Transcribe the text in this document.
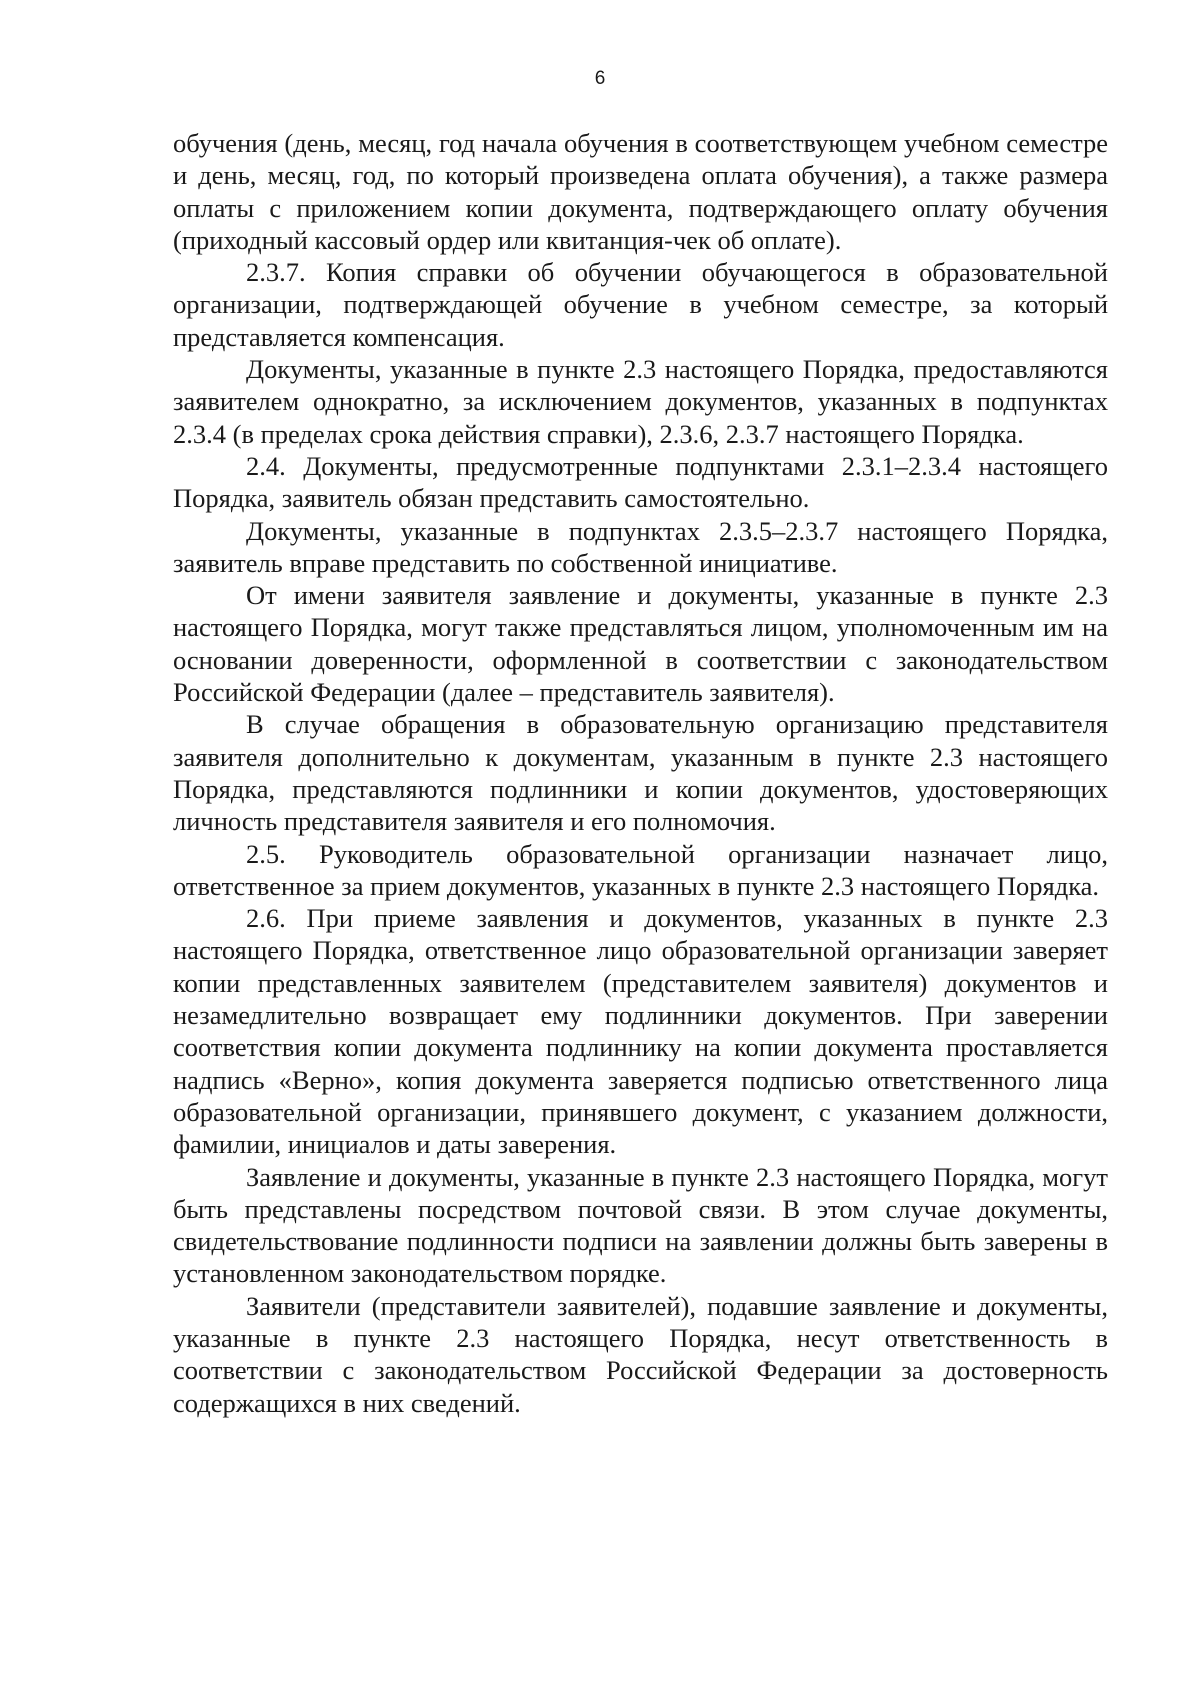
6

обучения (день, месяц, год начала обучения в соответствующем учебном семестре и день, месяц, год, по который произведена оплата обучения), а также размера оплаты с приложением копии документа, подтверждающего оплату обучения (приходный кассовый ордер или квитанция-чек об оплате).

2.3.7. Копия справки об обучении обучающегося в образовательной организации, подтверждающей обучение в учебном семестре, за который представляется компенсация.

Документы, указанные в пункте 2.3 настоящего Порядка, предоставляются заявителем однократно, за исключением документов, указанных в подпунктах 2.3.4 (в пределах срока действия справки), 2.3.6, 2.3.7 настоящего Порядка.

2.4. Документы, предусмотренные подпунктами 2.3.1–2.3.4 настоящего Порядка, заявитель обязан представить самостоятельно.

Документы, указанные в подпунктах 2.3.5–2.3.7 настоящего Порядка, заявитель вправе представить по собственной инициативе.

От имени заявителя заявление и документы, указанные в пункте 2.3 настоящего Порядка, могут также представляться лицом, уполномоченным им на основании доверенности, оформленной в соответствии с законодательством Российской Федерации (далее – представитель заявителя).

В случае обращения в образовательную организацию представителя заявителя дополнительно к документам, указанным в пункте 2.3 настоящего Порядка, представляются подлинники и копии документов, удостоверяющих личность представителя заявителя и его полномочия.

2.5. Руководитель образовательной организации назначает лицо, ответственное за прием документов, указанных в пункте 2.3 настоящего Порядка.

2.6. При приеме заявления и документов, указанных в пункте 2.3 настоящего Порядка, ответственное лицо образовательной организации заверяет копии представленных заявителем (представителем заявителя) документов и незамедлительно возвращает ему подлинники документов. При заверении соответствия копии документа подлиннику на копии документа проставляется надпись «Верно», копия документа заверяется подписью ответственного лица образовательной организации, принявшего документ, с указанием должности, фамилии, инициалов и даты заверения.

Заявление и документы, указанные в пункте 2.3 настоящего Порядка, могут быть представлены посредством почтовой связи. В этом случае документы, свидетельствование подлинности подписи на заявлении должны быть заверены в установленном законодательством порядке.

Заявители (представители заявителей), подавшие заявление и документы, указанные в пункте 2.3 настоящего Порядка, несут ответственность в соответствии с законодательством Российской Федерации за достоверность содержащихся в них сведений.
